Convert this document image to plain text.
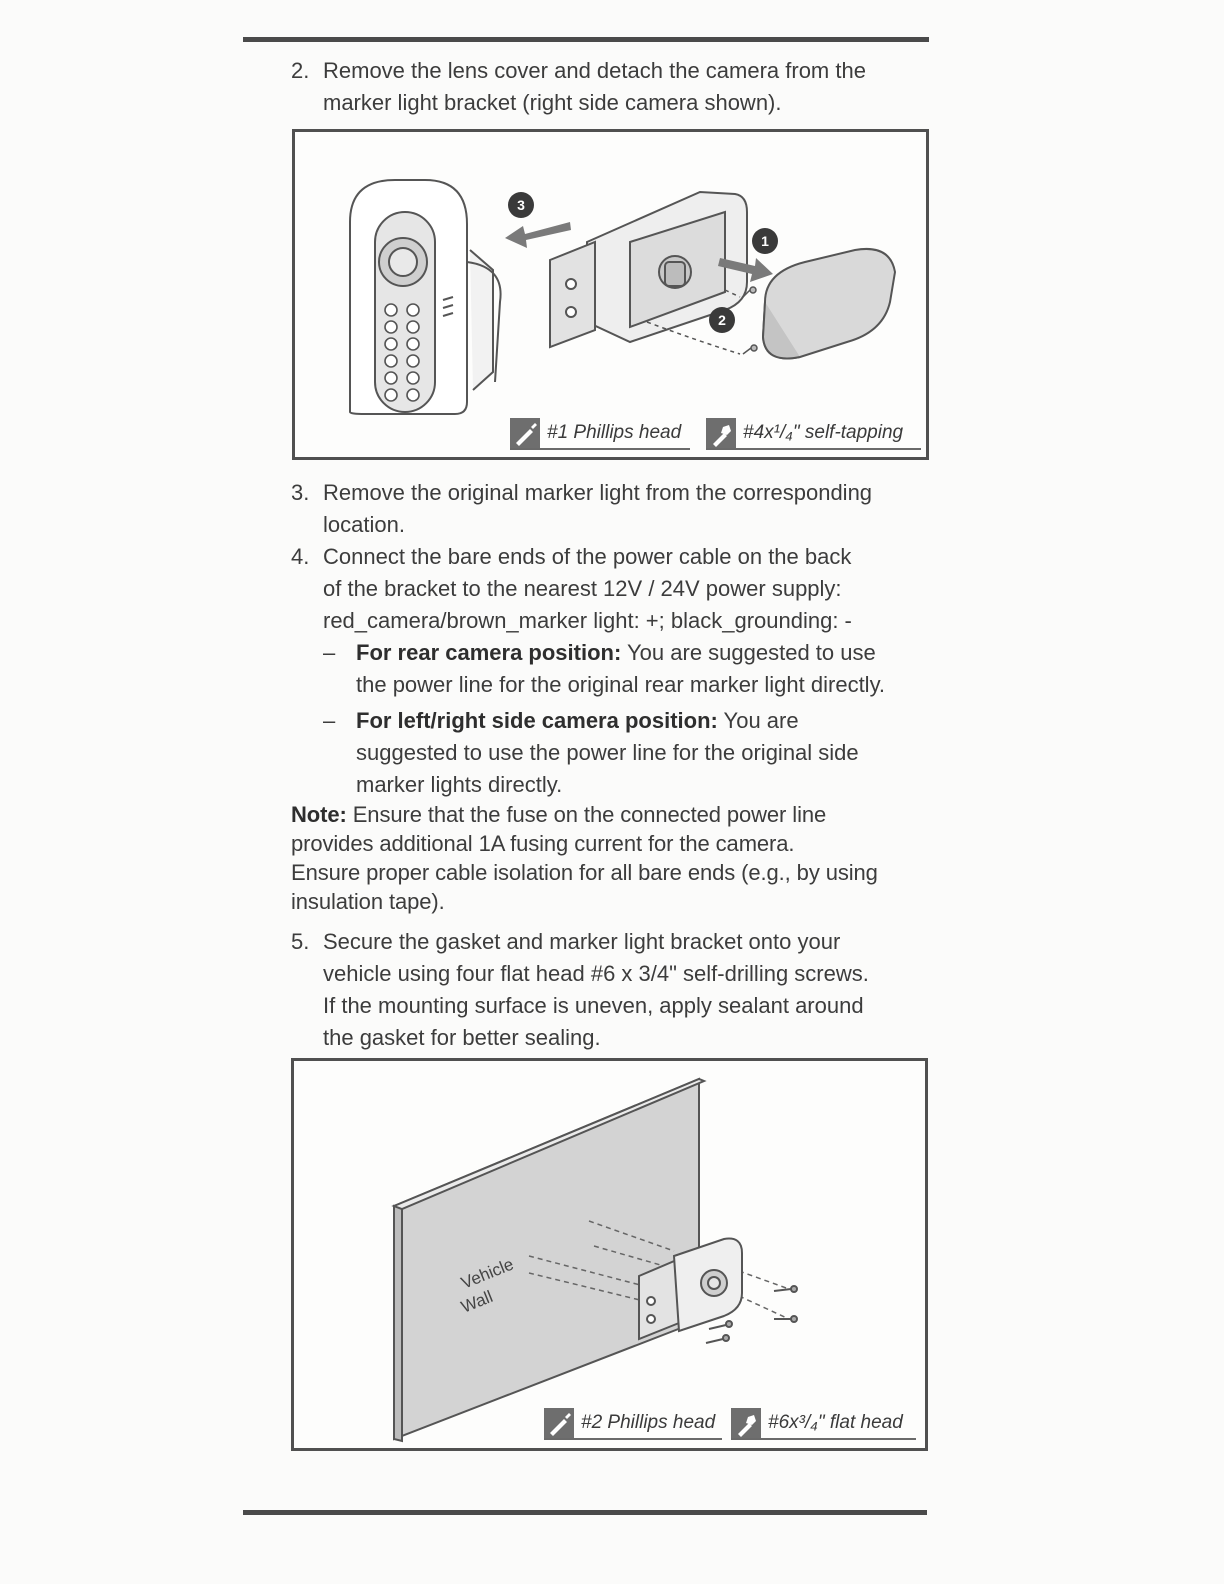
2. Remove the lens cover and detach the camera from the
marker light bracket (right side camera shown).
3
1
2
#1 Phillips head	#4x¹/₄" self-tapping
3. Remove the original marker light from the corresponding
location.
4. Connect the bare ends of the power cable on the back
of the bracket to the nearest 12V / 24V power supply:
red_camera/brown_marker light: +; black_grounding: -
– For rear camera position: You are suggested to use
the power line for the original rear marker light directly.
– For left/right side camera position: You are
suggested to use the power line for the original side
marker lights directly.
Note: Ensure that the fuse on the connected power line
provides additional 1A fusing current for the camera.
Ensure proper cable isolation for all bare ends (e.g., by using
insulation tape).
5. Secure the gasket and marker light bracket onto your
vehicle using four flat head #6 x 3/4" self-drilling screws.
If the mounting surface is uneven, apply sealant around
the gasket for better sealing.
Vehicle
Wall
#2 Phillips head	#6x³/₄" flat head
